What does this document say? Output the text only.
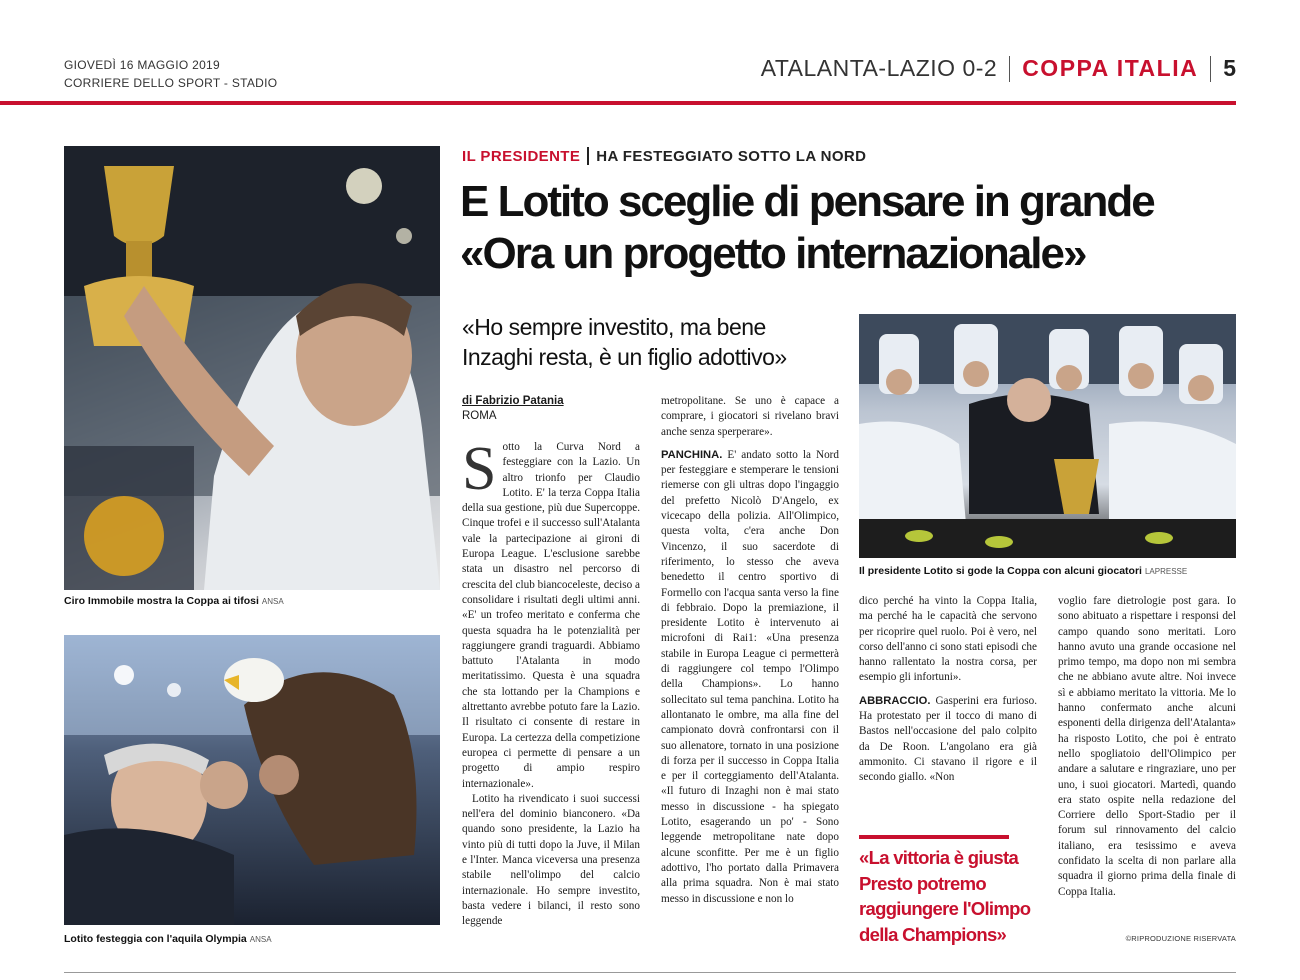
GIOVEDÌ 16 MAGGIO 2019
CORRIERE DELLO SPORT - STADIO
ATALANTA-LAZIO 0-2 COPPA ITALIA 5
Ciro Immobile mostra la Coppa ai tifosi ANSA
Lotito festeggia con l'aquila Olympia ANSA
Il presidente Lotito si gode la Coppa con alcuni giocatori LAPRESSE
IL PRESIDENTE HA FESTEGGIATO SOTTO LA NORD
E Lotito sceglie di pensare in grande
«Ora un progetto internazionale»
«Ho sempre investito, ma bene
Inzaghi resta, è un figlio adottivo»
di Fabrizio Patania
ROMA

Sotto la Curva Nord a festeggiare con la Lazio. Un altro trionfo per Claudio Lotito. E' la terza Coppa Italia della sua gestione, più due Supercoppe. Cinque trofei e il successo sull'Atalanta vale la partecipazione ai gironi di Europa League. L'esclusione sarebbe stata un disastro nel percorso di crescita del club biancoceleste, deciso a consolidare i risultati degli ultimi anni. «E' un trofeo meritato e conferma che questa squadra ha le potenzialità per raggiungere grandi traguardi. Abbiamo battuto l'Atalanta in modo meritatissimo. Questa è una squadra che sta lottando per la Champions e altrettanto avrebbe potuto fare la Lazio. Il risultato ci consente di restare in Europa. La certezza della competizione europea ci permette di pensare a un progetto di ampio respiro internazionale».

Lotito ha rivendicato i suoi successi nell'era del dominio bianconero. «Da quando sono presidente, la Lazio ha vinto più di tutti dopo la Juve, il Milan e l'Inter. Manca viceversa una presenza stabile nell'olimpo del calcio internazionale. Ho sempre investito, basta vedere i bilanci, il resto sono leggende

metropolitane. Se uno è capace a comprare, i giocatori si rivelano bravi anche senza sperperare».

PANCHINA. E' andato sotto la Nord per festeggiare e stemperare le tensioni riemerse con gli ultras dopo l'ingaggio del prefetto Nicolò D'Angelo, ex vicecapo della polizia. All'Olimpico, questa volta, c'era anche Don Vincenzo, il suo sacerdote di riferimento, lo stesso che aveva benedetto il centro sportivo di Formello con l'acqua santa verso la fine di febbraio. Dopo la premiazione, il presidente Lotito è intervenuto ai microfoni di Rai1: «Una presenza stabile in Europa League ci permetterà di raggiungere col tempo l'Olimpo della Champions». Lo hanno sollecitato sul tema panchina. Lotito ha allontanato le ombre, ma alla fine del campionato dovrà confrontarsi con il suo allenatore, tornato in una posizione di forza per il successo in Coppa Italia e per il corteggiamento dell'Atalanta. «Il futuro di Inzaghi non è mai stato messo in discussione - ha spiegato Lotito, esagerando un po' - Sono leggende metropolitane nate dopo alcune sconfitte. Per me è un figlio adottivo, l'ho portato dalla Primavera alla prima squadra. Non è mai stato messo in discussione e non lo

dico perché ha vinto la Coppa Italia, ma perché ha le capacità che servono per ricoprire quel ruolo. Poi è vero, nel corso dell'anno ci sono stati episodi che hanno rallentato la nostra corsa, per esempio gli infortuni».

ABBRACCIO. Gasperini era furioso. Ha protestato per il tocco di mano di Bastos nell'occasione del palo colpito da De Roon. L'angolano era già ammonito. Ci stavano il rigore e il secondo giallo. «Non

«La vittoria è giusta Presto potremo raggiungere l'Olimpo della Champions»

voglio fare dietrologie post gara. Io sono abituato a rispettare i responsi del campo quando sono meritati. Loro hanno avuto una grande occasione nel primo tempo, ma dopo non mi sembra che ne abbiano avute altre. Noi invece sì e abbiamo meritato la vittoria. Me lo hanno confermato anche alcuni esponenti della dirigenza dell'Atalanta» ha risposto Lotito, che poi è entrato nello spogliatoio dell'Olimpico per andare a salutare e ringraziare, uno per uno, i suoi giocatori. Martedì, quando era stato ospite nella redazione del Corriere dello Sport-Stadio per il forum sul rinnovamento del calcio italiano, era tesissimo e aveva confidato la scelta di non parlare alla squadra il giorno prima della finale di Coppa Italia.

©RIPRODUZIONE RISERVATA
